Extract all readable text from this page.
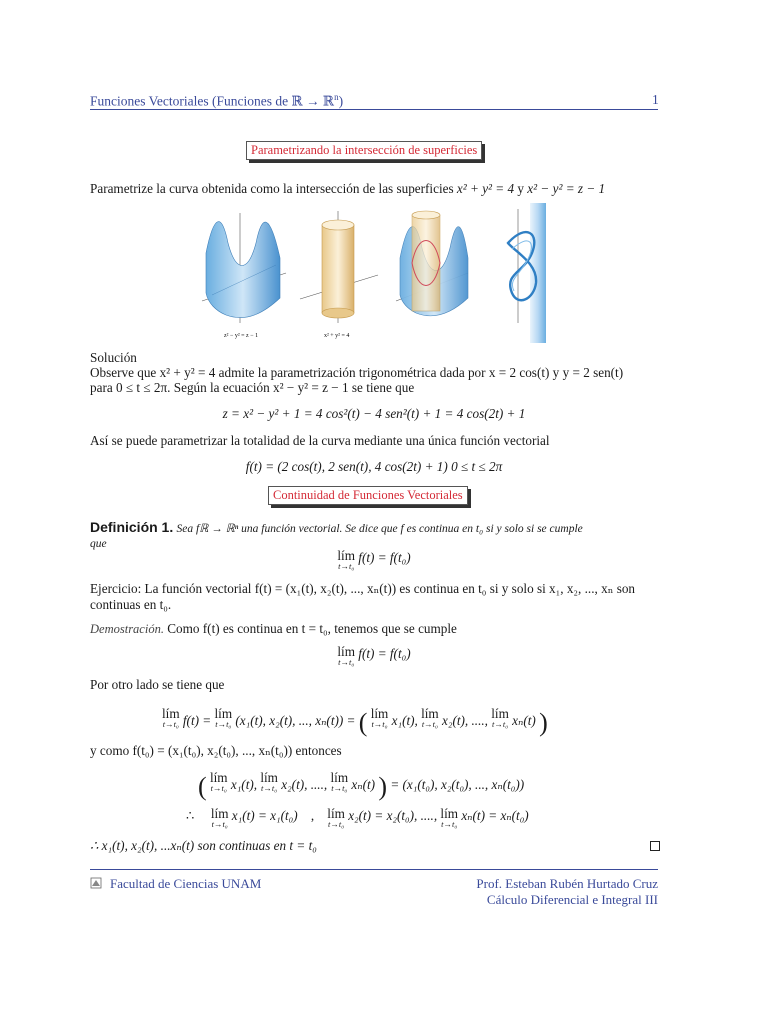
Funciones Vectoriales (Funciones de ℝ → ℝ$^n$)	1
Parametrizando la intersección de superficies
Parametrize la curva obtenida como la intersección de las superficies x² + y² = 4 y x² − y² = z − 1
z² − y² = z − 1	x² + y² = 4
Solución
Observe que x² + y² = 4 admite la parametrización trigonométrica dada por x = 2 cos(t) y y = 2 sen(t)
para 0 ≤ t ≤ 2π. Según la ecuación x² − y² = z − 1 se tiene que
z = x² − y² + 1 = 4 cos²(t) − 4 sen²(t) + 1 = 4 cos(2t) + 1
Así se puede parametrizar la totalidad de la curva mediante una única función vectorial
f(t) = (2 cos(t), 2 sen(t), 4 cos(2t) + 1) 0 ≤ t ≤ 2π
Continuidad de Funciones Vectoriales
Definición 1. Sea fℝ → ℝⁿ una función vectorial. Se dice que f es continua en t₀ si y solo si se cumple
que
lím
t→t₀
f(t) = f(t₀)
Ejercicio: La función vectorial f(t) = (x₁(t), x₂(t), ..., xₙ(t)) es continua en t₀ si y solo si x₁, x₂, ..., xₙ son
continuas en t₀.
Demostración. Como f(t) es continua en t = t₀, tenemos que se cumple
lím
t→t₀
f(t) = f(t₀)
Por otro lado se tiene que
lím
t→t₀ f(t) = lím
t→t₀ (x₁(t), x₂(t), ..., xₙ(t)) = ( lím
t→t₀ x₁(t), lím
t→t₀ x₂(t), ...., lím
t→t₀ xₙ(t) )
y como f(t₀) = (x₁(t₀), x₂(t₀), ..., xₙ(t₀)) entonces
( lím
t→t₀ x₁(t), lím
t→t₀ x₂(t), ...., lím
t→t₀ xₙ(t) ) = (x₁(t₀), x₂(t₀), ..., xₙ(t₀))
∴ lím
t→t₀
x₁(t) = x₁(t₀) , lím
t→t₀
x₂(t) = x₂(t₀), ...., lím
t→t₀
xₙ(t) = xₙ(t₀)
∴ x₁(t), x₂(t), ...xₙ(t) son continuas en t = t₀
Facultad de Ciencias UNAM	Prof. Esteban Rubén Hurtado Cruz
Cálculo Diferencial e Integral III
